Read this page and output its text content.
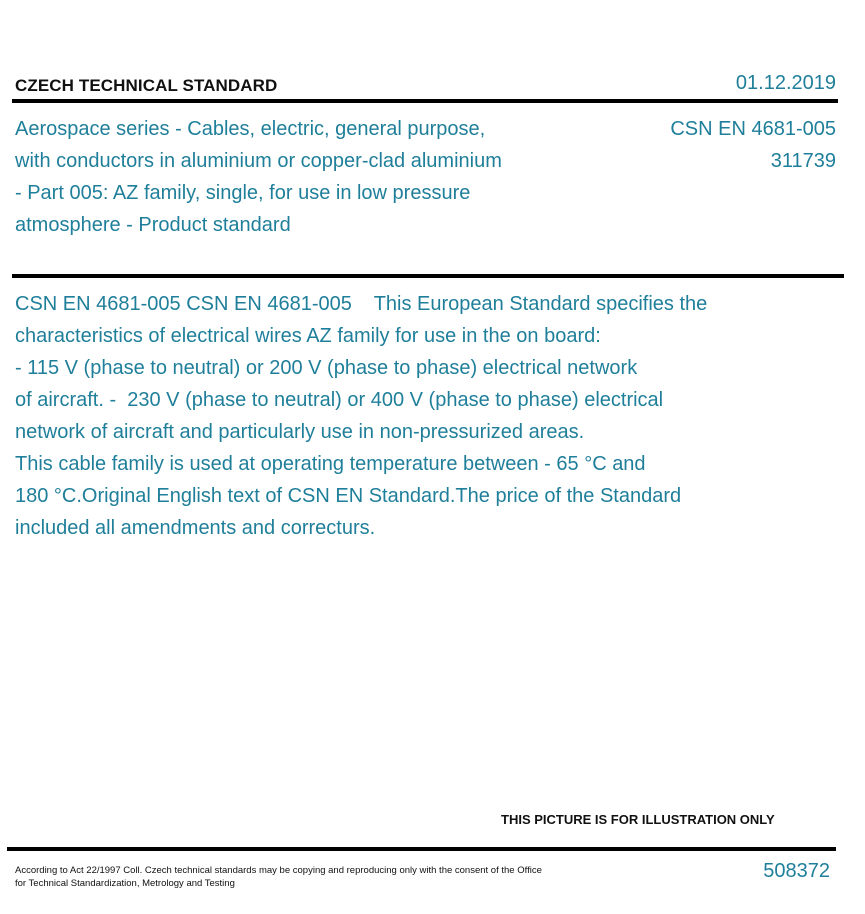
CZECH TECHNICAL STANDARD	01.12.2019
Aerospace series - Cables, electric, general purpose,
with conductors in aluminium or copper-clad aluminium
- Part 005: AZ family, single, for use in low pressure
atmosphere - Product standard
CSN EN 4681-005
311739
CSN EN 4681-005 CSN EN 4681-005    This European Standard specifies the
characteristics of electrical wires AZ family for use in the on board:
- 115 V (phase to neutral) or 200 V (phase to phase) electrical network
of aircraft. -  230 V (phase to neutral) or 400 V (phase to phase) electrical
network of aircraft and particularly use in non-pressurized areas.
This cable family is used at operating temperature between - 65 °C and
180 °C.Original English text of CSN EN Standard.The price of the Standard
included all amendments and correcturs.
THIS PICTURE IS FOR ILLUSTRATION ONLY
According to Act 22/1997 Coll. Czech technical standards may be copying and reproducing only with the consent of the Office
for Technical Standardization, Metrology and Testing
508372
